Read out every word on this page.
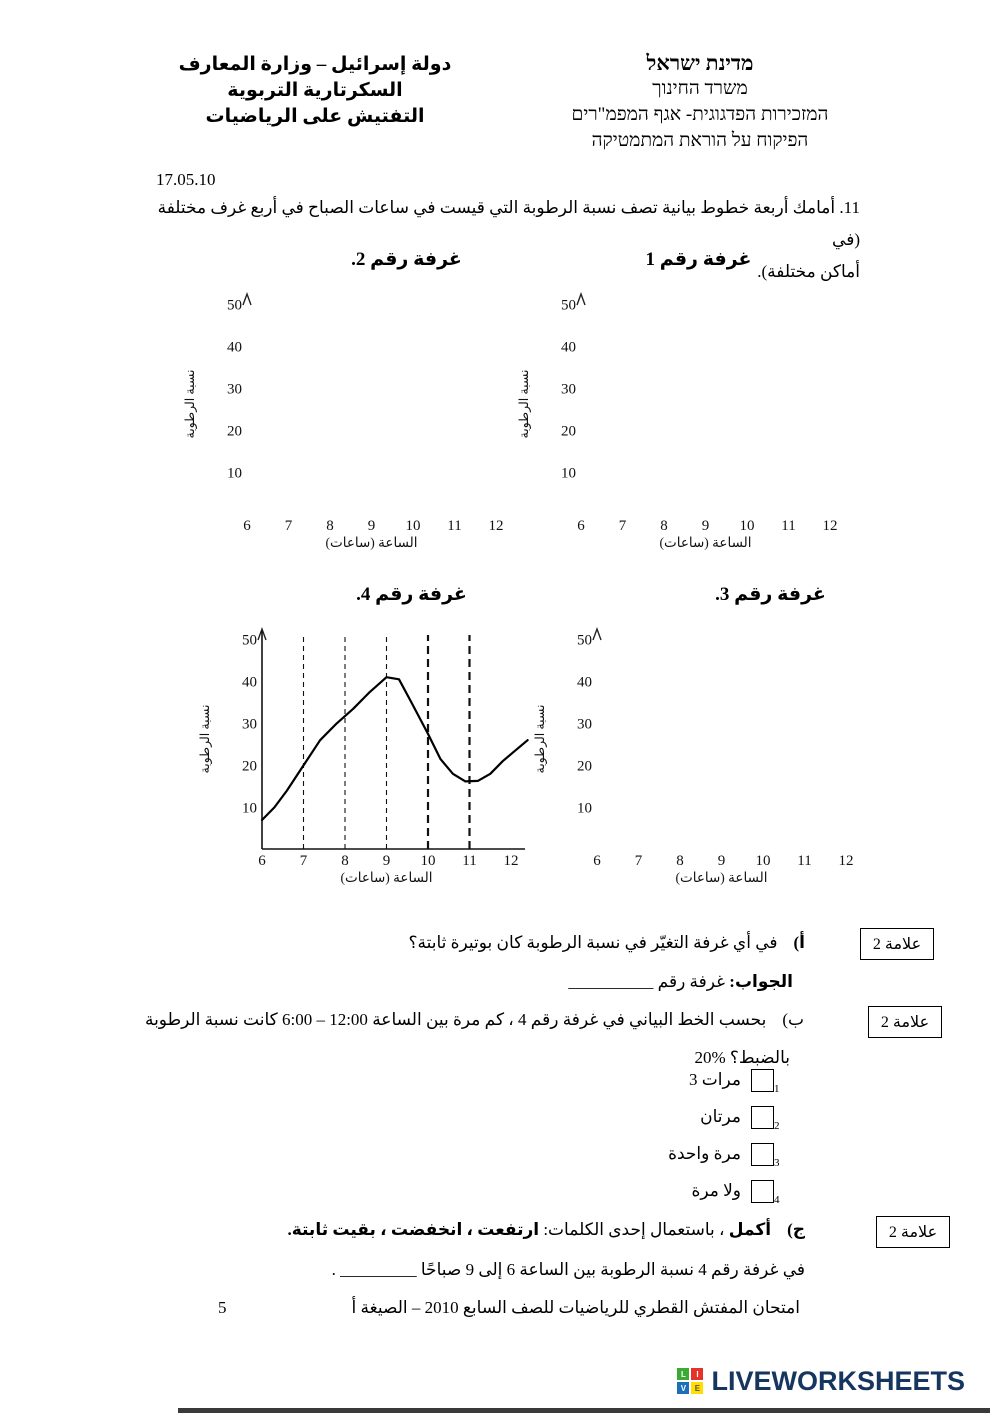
מדינת ישראל
משרד החינוך
המזכירות הפדגוגית- אגף המפמ"רים
הפיקוח על הוראת המתמטיקה
دولة إسرائيل – وزارة المعارف
السكرتارية التربوية
التفتيش على الرياضيات
17.05.10
11. أمامك أربعة خطوط بيانية تصف نسبة الرطوبة التي قيست في ساعات الصباح في أربع غرف مختلفة (في
أماكن مختلفة).
غرفة رقم 1
10
20
30
40
50
6 7 8 9 10 11 12
نسبة الرطوبة
الساعة (ساعات)
غرفة رقم 2.
10
20
30
40
50
6 7 8 9 10 11 12
نسبة الرطوبة
الساعة (ساعات)
غرفة رقم 3.
10
20
30
40
50
6 7 8 9 10 11 12
نسبة الرطوبة
الساعة (ساعات)
غرفة رقم 4.
10
20
30
40
50
6 7 8 9 10 11 12
نسبة الرطوبة
الساعة (ساعات)
2 علامة
أ)في أي غرفة التغيّر في نسبة الرطوبة كان بوتيرة ثابتة؟
الجواب: غرفة رقم __________
2 علامة
ب)بحسب الخط البياني في غرفة رقم 4 ، كم مرة بين الساعة 6:00 – 12:00 كانت نسبة الرطوبة
بالضبط؟ 20%
1
3 مرات
2
مرتان
3
مرة واحدة
4
ولا مرة
2 علامة
ج)أكمل ، باستعمال إحدى الكلمات: ارتفعت ، انخفضت ، بقيت ثابتة.
في غرفة رقم 4 نسبة الرطوبة بين الساعة 6 إلى 9 صباحًا _________ .
امتحان المفتش القطري للرياضيات للصف السابع 2010 – الصيغة أ
5
L	I
V	E LIVEWORKSHEETS
